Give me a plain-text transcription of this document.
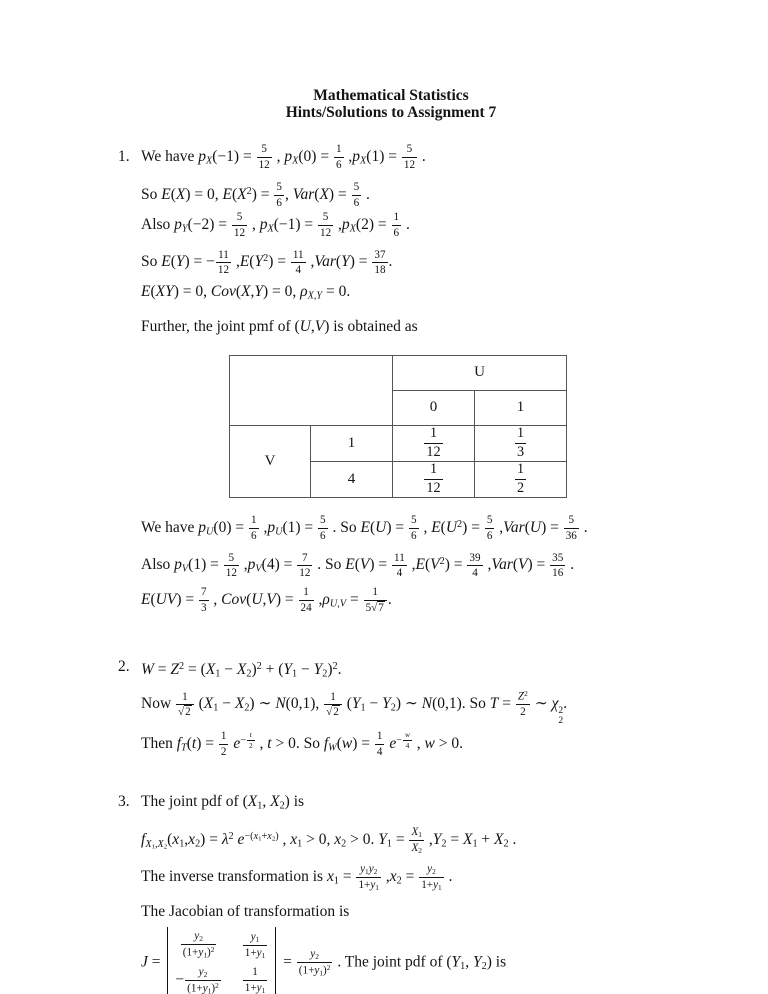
Mathematical Statistics
Hints/Solutions to Assignment 7
1. We have $p_X(-1) = \frac{5}{12}$ , $p_X(0) = \frac{1}{6} ,p_X(1) = \frac{5}{12}$ .
So E(X) = 0, $E(X^2) = \frac{5}{6}$ , $Var(X) = \frac{5}{6}$ .
Also $p_Y(-2) = \frac{5}{12}$ , $p_X(-1) = \frac{5}{12} ,p_X(2) = \frac{1}{6}$ .
So E(Y) = − $\frac{11}{12} ,E(Y^2) = \frac{11}{4} ,Var(Y) = \frac{37}{18}$ .
E(XY) = 0, Cov(X,Y) = 0, $\rho_{X,Y} = 0$.
Further, the joint pmf of (U,V) is obtained as
		U	
		0	1
V	1	$\frac{1}{12}$	$\frac{1}{3}$

	4	$\frac{1}{12}$	$\frac{1}{2}$
We have $p_U(0) = \frac{1}{6} ,p_U(1) = \frac{5}{6}$ . So $E(U) = \frac{5}{6}$ , $E(U^2) = \frac{5}{6} ,Var(U) = \frac{5}{36}$ .
Also $p_V(1) = \frac{5}{12} ,p_V(4) = \frac{7}{12}$ . So $E(V) = \frac{11}{4} ,E(V^2) = \frac{39}{4} ,Var(V) = \frac{35}{16}$ .
$E(UV) = \frac{7}{3}$ , $Cov(U,V) = \frac{1}{24} ,\rho_{U,V} = \frac{1}{5√7}$ .
2. $W = Z^2 = (X_1 - X_2)^2 + (Y_1 - Y_2)^2$.
Now $\frac{1}{√2} (X_1 - X_2)$ ∼ N(0,1), $\frac{1}{√2} (Y_1 - Y_2)$ ∼ N(0,1). So $T = \frac{Z^2}{2}$ ∼ χ 2
2
.
Then $f_T(t) = \frac{1}{2} e^{- \frac{t}{2}}$ , t > 0. So $f_W(w) = \frac{1}{4} e^{- \frac{w}{4}}$ , w > 0.
3. The joint pdf of ($X_1$, $X_2$) is
$f_{X_1,X_2}(x_1,x_2) = \lambda^2$ $e^{-(x_1+x_2)}$ , $x_1 > 0$, $x_2 > 0$. $Y_1 = \frac{X_1}{X_2} ,Y_2 = X_1 + X_2$ .
The inverse transformation is $x_1 = \frac{y_1y_2}{1+y_1} ,x_2 = \frac{y_2}{1+y_1}$ .
The Jacobian of transformation is
J =
$\frac{y_2}{(1+y_1)^2} \frac{y_1}{1+y_1}$
− $\frac{y_2}{(1+y_1)^2} \frac{1}{1+y_1}$
= $\frac{y_2}{(1+y_1)^2}$ . The joint pdf of ($Y_1$, $Y_2$) is
